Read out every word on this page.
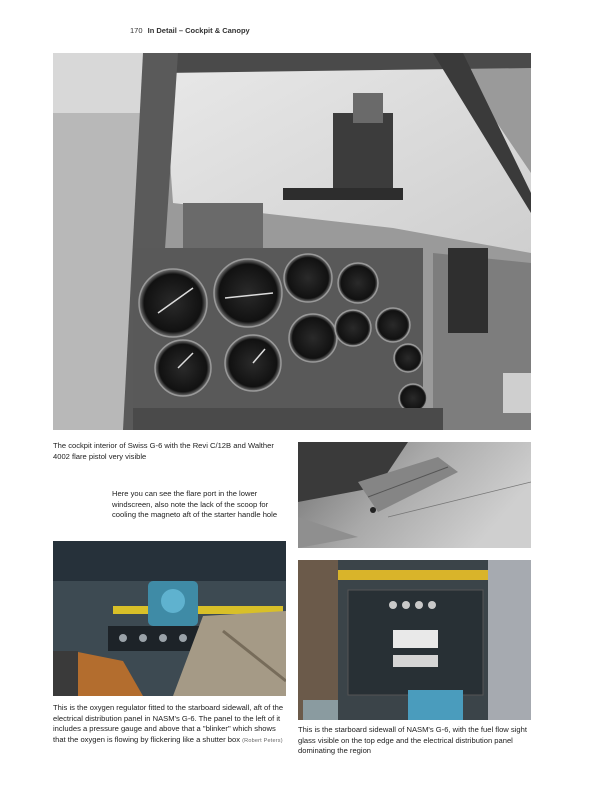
170 In Detail – Cockpit & Canopy
The cockpit interior of Swiss G-6 with the Revi C/12B and Walther 4002 flare pistol very visible
Here you can see the flare port in the lower windscreen, also note the lack of the scoop for cooling the magneto aft of the starter handle hole
This is the oxygen regulator fitted to the starboard sidewall, aft of the electrical distribution panel in NASM's G-6. The panel to the left of it includes a pressure gauge and above that a "blinker" which shows that the oxygen is flowing by flickering like a shutter box (Robert Peters)
This is the starboard sidewall of NASM's G-6, with the fuel flow sight glass visible on the top edge and the electrical distribution panel dominating the region
